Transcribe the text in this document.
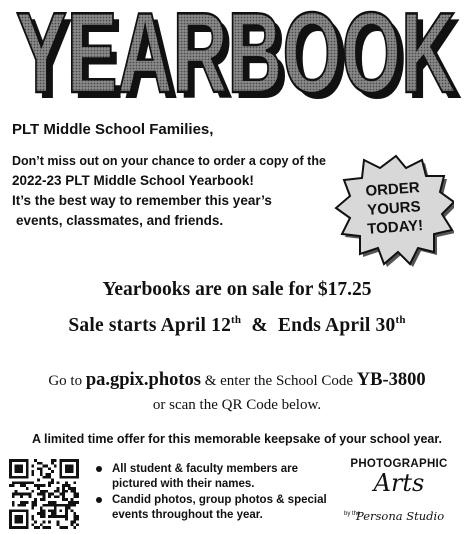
YEARBOOK
YEARBOOK
PLT Middle School Families,
Don’t miss out on your chance to order a copy of the
2022-23 PLT Middle School Yearbook!
It’s the best way to remember this year’s
events, classmates, and friends.
ORDER
YOURS
TODAY!
Yearbooks are on sale for $17.25
Sale starts April 12th  &  Ends April 30th
Go to pa.gpix.photos & enter the School Code YB-3800
or scan the QR Code below.
A limited time offer for this memorable keepsake of your school year.
All student & faculty members are pictured with their names.
Candid photos, group photos & special events throughout the year.
PHOTOGRAPHIC
Arts
by the
Persona Studio
